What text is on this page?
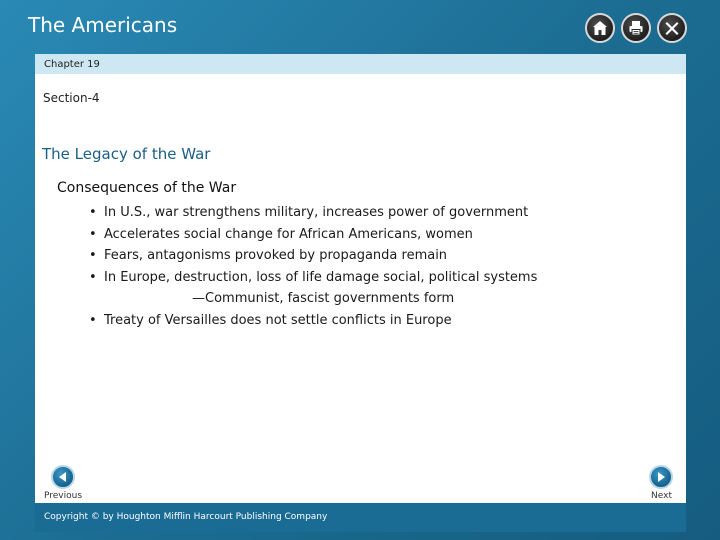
The Americans
Chapter 19
Section-4
The Legacy of the War
Consequences of the War
• In U.S., war strengthens military, increases power of government
• Accelerates social change for African Americans, women
• Fears, antagonisms provoked by propaganda remain
• In Europe, destruction, loss of life damage social, political systems
—Communist, fascist governments form
• Treaty of Versailles does not settle conflicts in Europe
Previous	Next
Copyright © by Houghton Mifflin Harcourt Publishing Company
